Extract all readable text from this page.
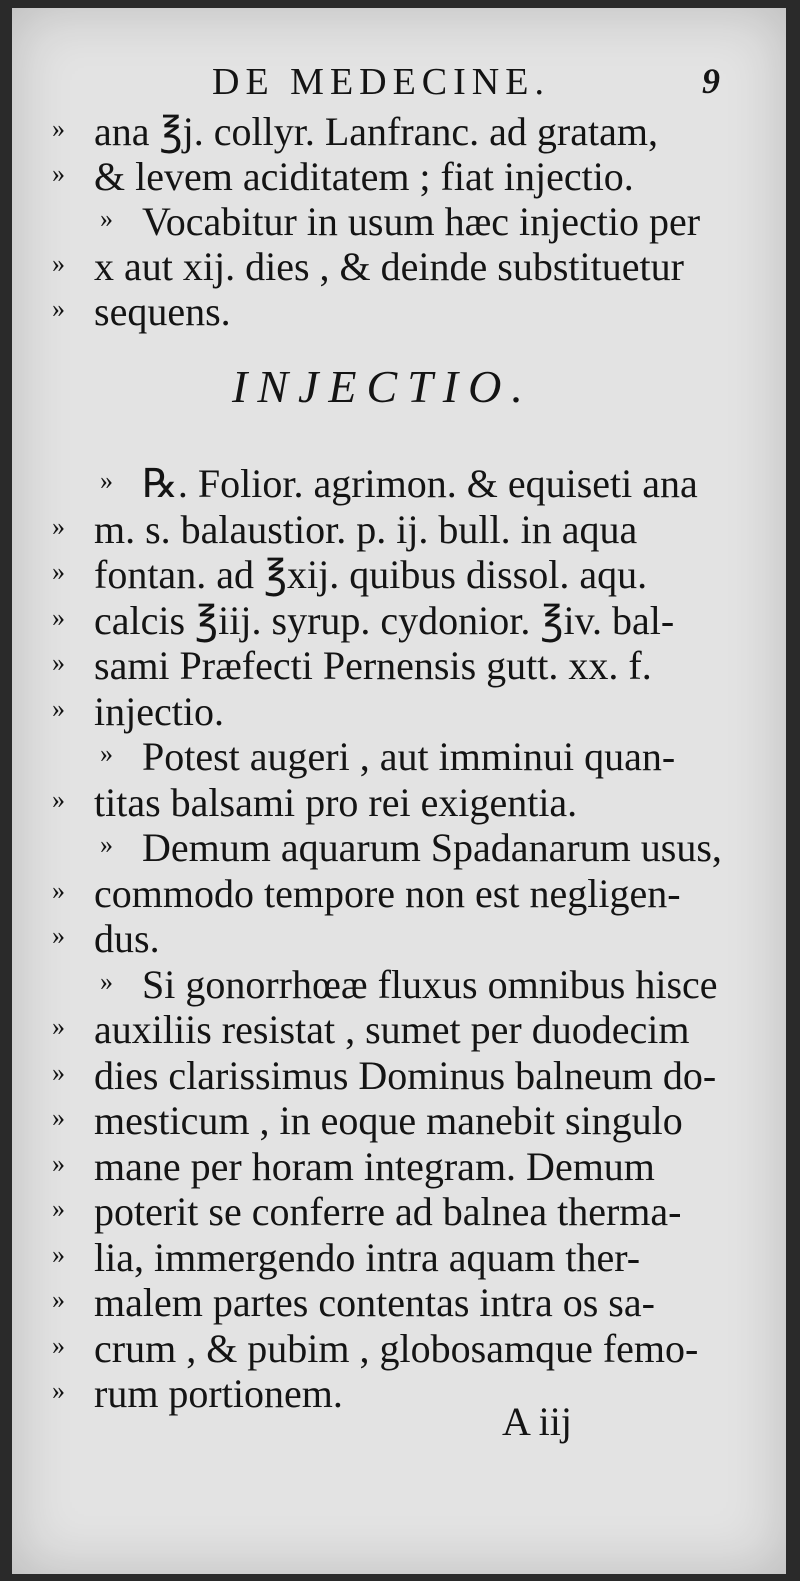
DE MEDECINE.	9
» ana ℥j. collyr. Lanfranc. ad gratam,
» & levem aciditatem ; fiat injectio.
» Vocabitur in usum hæc injectio per
» x aut xij. dies , & deinde substituetur
» sequens.
INJECTIO.
» ℞. Folior. agrimon. & equiseti ana
» m. s. balaustior. p. ij. bull. in aqua
» fontan. ad ℥xij. quibus dissol. aqu.
» calcis ℥iij. syrup. cydonior. ℥iv. bal-
» sami Præfecti Pernensis gutt. xx. f.
» injectio.
» Potest augeri , aut imminui quan-
» titas balsami pro rei exigentia.
» Demum aquarum Spadanarum usus,
» commodo tempore non est negligen-
» dus.
» Si gonorrhœæ fluxus omnibus hisce
» auxiliis resistat , sumet per duodecim
» dies clarissimus Dominus balneum do-
» mesticum , in eoque manebit singulo
» mane per horam integram. Demum
» poterit se conferre ad balnea therma-
» lia, immergendo intra aquam ther-
» malem partes contentas intra os sa-
» crum , & pubim , globosamque femo-
» rum portionem.
A iij
